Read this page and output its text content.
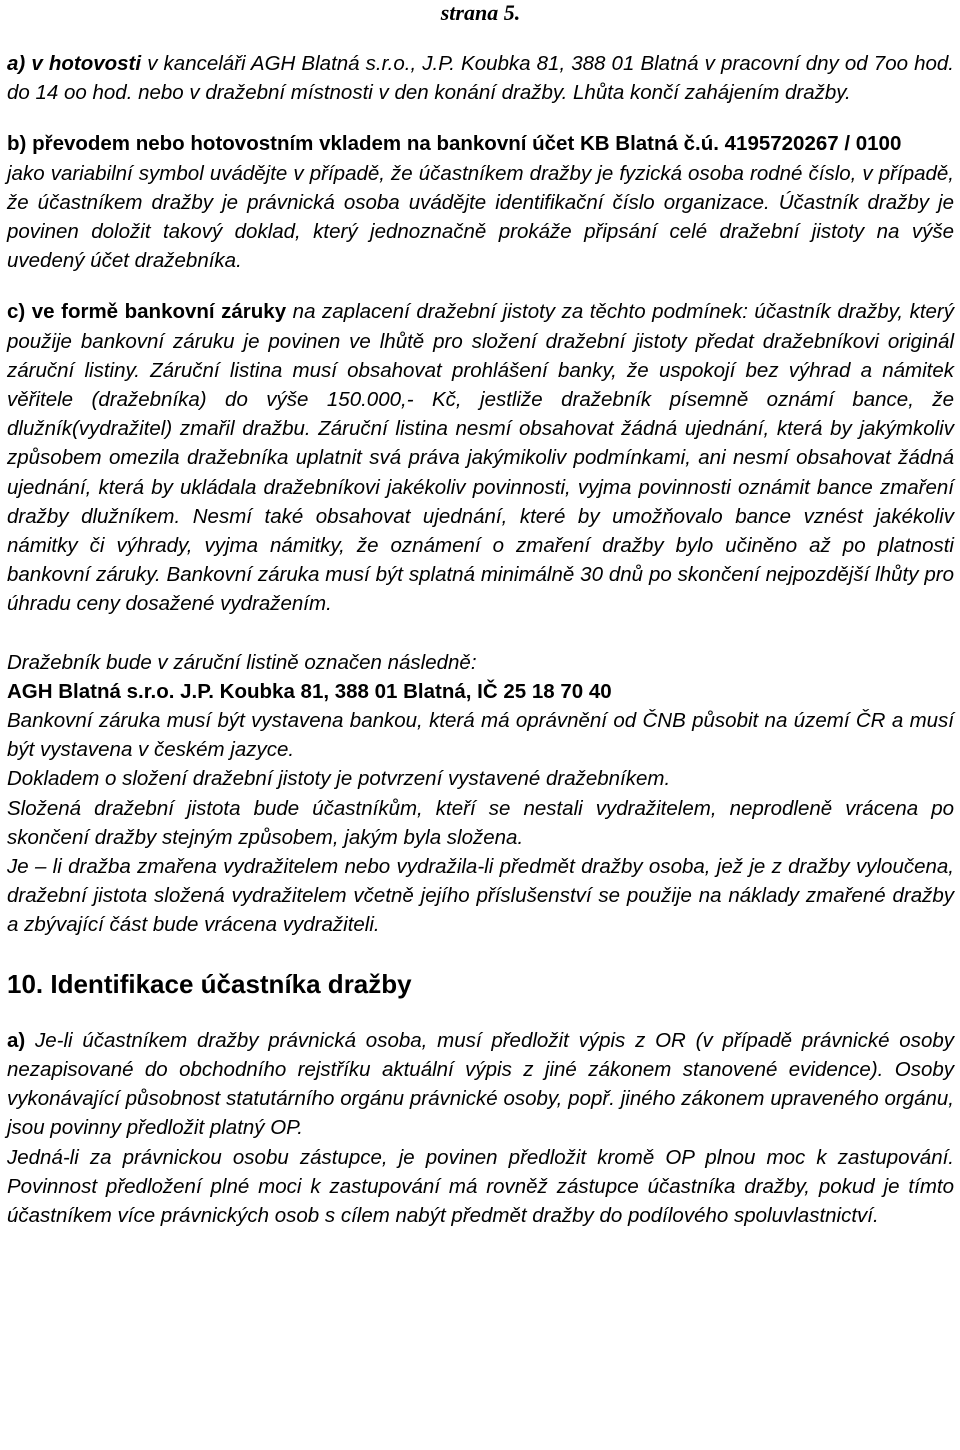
strana 5.

a) v hotovosti v kanceláři AGH Blatná s.r.o., J.P. Koubka 81, 388 01 Blatná v pracovní dny od 7oo hod. do 14 oo hod. nebo v dražební místnosti v den konání dražby. Lhůta končí zahájením dražby.

b) převodem nebo hotovostním vkladem na bankovní účet KB Blatná č.ú. 4195720267 / 0100

jako variabilní symbol uvádějte v případě, že účastníkem dražby je fyzická osoba rodné číslo, v případě, že účastníkem dražby je právnická osoba uvádějte identifikační číslo organizace. Účastník dražby je povinen doložit takový doklad, který jednoznačně prokáže připsání celé dražební jistoty na výše uvedený účet dražebníka.

c) ve formě bankovní záruky na zaplacení dražební jistoty za těchto podmínek: účastník dražby, který použije bankovní záruku je povinen ve lhůtě pro složení dražební jistoty předat dražebníkovi originál záruční listiny. Záruční listina musí obsahovat prohlášení banky, že uspokojí bez výhrad a námitek věřitele (dražebníka) do výše 150.000,- Kč, jestliže dražebník písemně oznámí bance, že dlužník(vydražitel) zmařil dražbu. Záruční listina nesmí obsahovat žádná ujednání, která by jakýmkoliv způsobem omezila dražebníka uplatnit svá práva jakýmikoliv podmínkami, ani nesmí obsahovat žádná ujednání, která by ukládala dražebníkovi jakékoliv povinnosti, vyjma povinnosti oznámit bance zmaření dražby dlužníkem. Nesmí také obsahovat ujednání, které by umožňovalo bance vznést jakékoliv námitky či výhrady, vyjma námitky, že oznámení o zmaření dražby bylo učiněno až po platnosti bankovní záruky. Bankovní záruka musí být splatná minimálně 30 dnů po skončení nejpozdější lhůty pro úhradu ceny dosažené vydražením.

Dražebník bude v záruční listině označen následně:

AGH Blatná s.r.o. J.P. Koubka 81, 388 01 Blatná, IČ 25 18 70 40

Bankovní záruka musí být vystavena bankou, která má oprávnění od ČNB působit na území ČR a musí být vystavena v českém jazyce.

Dokladem o složení dražební jistoty je potvrzení vystavené dražebníkem.

Složená dražební jistota bude účastníkům, kteří se nestali vydražitelem, neprodleně vrácena po skončení dražby stejným způsobem, jakým byla složena.

Je – li dražba zmařena vydražitelem nebo vydražila-li předmět dražby osoba, jež je z dražby vyloučena, dražební jistota složená vydražitelem včetně jejího příslušenství se použije na náklady zmařené dražby a zbývající část bude vrácena vydražiteli.

10. Identifikace účastníka dražby

a) Je-li účastníkem dražby právnická osoba, musí předložit výpis z OR (v případě právnické osoby nezapisované do obchodního rejstříku aktuální výpis z jiné zákonem stanovené evidence). Osoby vykonávající působnost statutárního orgánu právnické osoby, popř. jiného zákonem upraveného orgánu, jsou povinny předložit platný OP.

Jedná-li za právnickou osobu zástupce, je povinen předložit kromě OP plnou moc k zastupování. Povinnost předložení plné moci k zastupování má rovněž zástupce účastníka dražby, pokud je tímto účastníkem více právnických osob s cílem nabýt předmět dražby do podílového spoluvlastnictví.
